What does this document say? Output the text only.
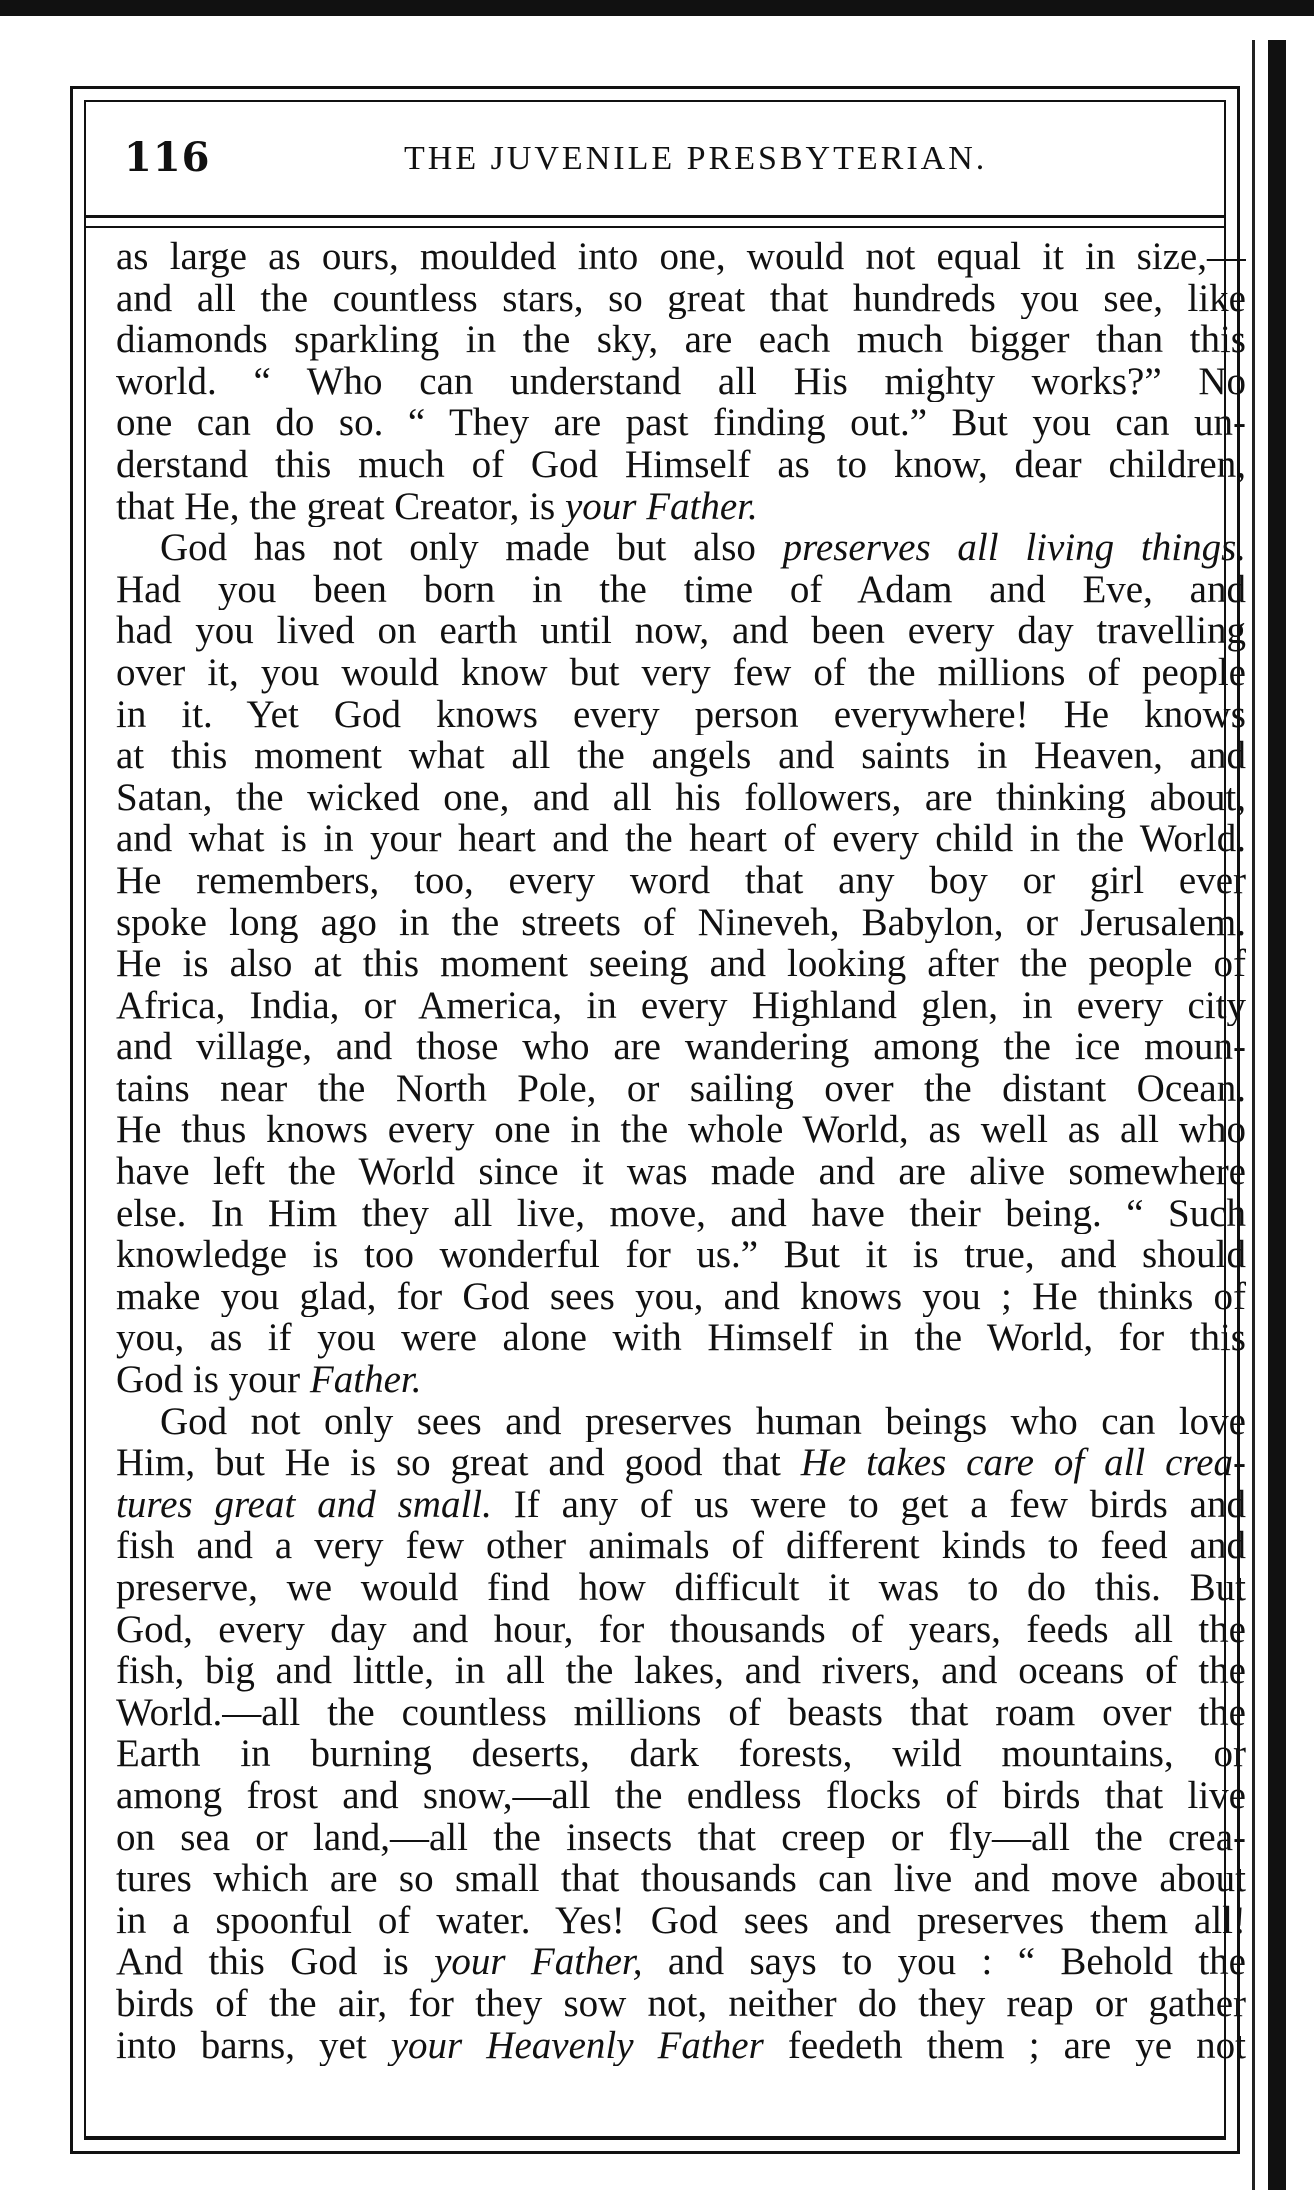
116	THE JUVENILE PRESBYTERIAN.
as large as ours, moulded into one, would not equal it in size,—
and all the countless stars, so great that hundreds you see, like
diamonds sparkling in the sky, are each much bigger than this
world. “ Who can understand all His mighty works?” No
one can do so. “ They are past finding out.” But you can un-
derstand this much of God Himself as to know, dear children,
that He, the great Creator, is your Father.
God has not only made but also preserves all living things.
Had you been born in the time of Adam and Eve, and
had you lived on earth until now, and been every day travelling
over it, you would know but very few of the millions of people
in it. Yet God knows every person everywhere! He knows
at this moment what all the angels and saints in Heaven, and
Satan, the wicked one, and all his followers, are thinking about,
and what is in your heart and the heart of every child in the World.
He remembers, too, every word that any boy or girl ever
spoke long ago in the streets of Nineveh, Babylon, or Jerusalem.
He is also at this moment seeing and looking after the people of
Africa, India, or America, in every Highland glen, in every city
and village, and those who are wandering among the ice moun-
tains near the North Pole, or sailing over the distant Ocean.
He thus knows every one in the whole World, as well as all who
have left the World since it was made and are alive somewhere
else. In Him they all live, move, and have their being. “ Such
knowledge is too wonderful for us.” But it is true, and should
make you glad, for God sees you, and knows you ; He thinks of
you, as if you were alone with Himself in the World, for this
God is your Father.
God not only sees and preserves human beings who can love
Him, but He is so great and good that He takes care of all crea-
tures great and small. If any of us were to get a few birds and
fish and a very few other animals of different kinds to feed and
preserve, we would find how difficult it was to do this. But
God, every day and hour, for thousands of years, feeds all the
fish, big and little, in all the lakes, and rivers, and oceans of the
World.—all the countless millions of beasts that roam over the
Earth in burning deserts, dark forests, wild mountains, or
among frost and snow,—all the endless flocks of birds that live
on sea or land,—all the insects that creep or fly—all the crea-
tures which are so small that thousands can live and move about
in a spoonful of water. Yes! God sees and preserves them all!
And this God is your Father, and says to you : “ Behold the
birds of the air, for they sow not, neither do they reap or gather
into barns, yet your Heavenly Father feedeth them ; are ye not
